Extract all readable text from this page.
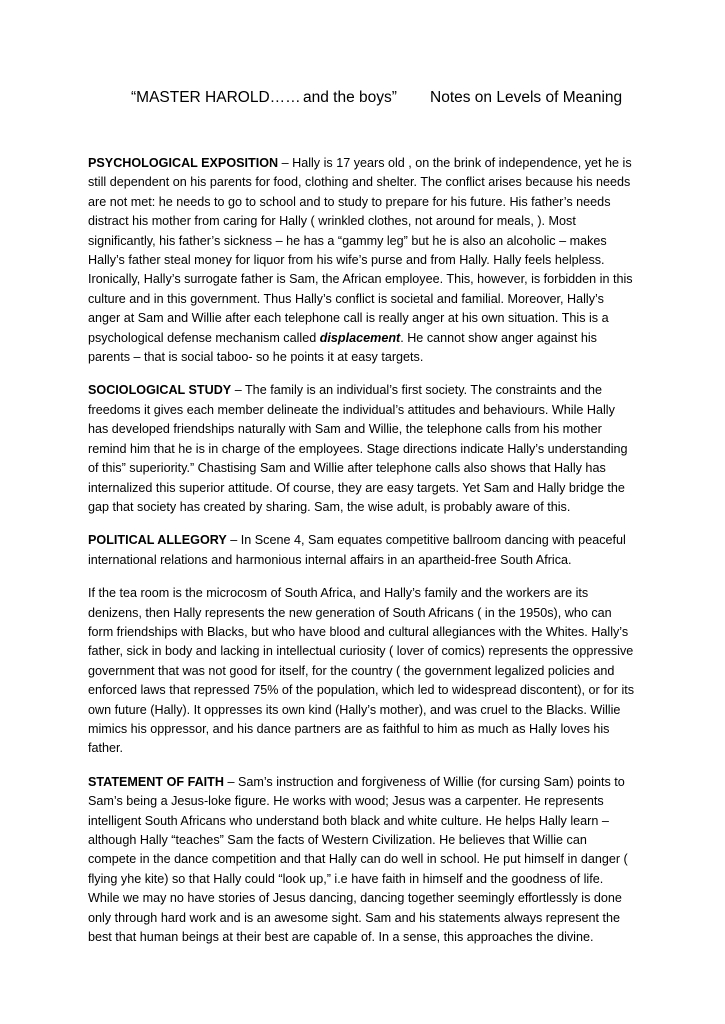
“MASTER HAROLD…… and the boys” Notes on Levels of Meaning

PSYCHOLOGICAL EXPOSITION – Hally is 17 years old , on the brink of independence, yet he is still dependent on his parents for food, clothing and shelter. The conflict arises because his needs are not met: he needs to go to school and to study to prepare for his future. His father’s needs distract his mother from caring for Hally ( wrinkled clothes, not around for meals, ). Most significantly, his father’s sickness – he has a “gammy leg” but he is also an alcoholic – makes Hally’s father steal money for liquor from his wife’s purse and from Hally. Hally feels helpless. Ironically, Hally’s surrogate father is Sam, the African employee. This, however, is forbidden in this culture and in this government. Thus Hally’s conflict is societal and familial. Moreover, Hally’s anger at Sam and Willie after each telephone call is really anger at his own situation. This is a psychological defense mechanism called displacement. He cannot show anger against his parents – that is social taboo- so he points it at easy targets.

SOCIOLOGICAL STUDY – The family is an individual’s first society. The constraints and the freedoms it gives each member delineate the individual’s attitudes and behaviours. While Hally has developed friendships naturally with Sam and Willie, the telephone calls from his mother remind him that he is in charge of the employees. Stage directions indicate Hally’s understanding of this” superiority.” Chastising Sam and Willie after telephone calls also shows that Hally has internalized this superior attitude. Of course, they are easy targets. Yet Sam and Hally bridge the gap that society has created by sharing. Sam, the wise adult, is probably aware of this.

POLITICAL ALLEGORY – In Scene 4, Sam equates competitive ballroom dancing with peaceful international relations and harmonious internal affairs in an apartheid-free South Africa.

If the tea room is the microcosm of South Africa, and Hally’s family and the workers are its denizens, then Hally represents the new generation of South Africans ( in the 1950s), who can form friendships with Blacks, but who have blood and cultural allegiances with the Whites. Hally’s father, sick in body and lacking in intellectual curiosity ( lover of comics) represents the oppressive government that was not good for itself, for the country ( the government legalized policies and enforced laws that repressed 75% of the population, which led to widespread discontent), or for its own future (Hally). It oppresses its own kind (Hally’s mother), and was cruel to the Blacks. Willie mimics his oppressor, and his dance partners are as faithful to him as much as Hally loves his father.

STATEMENT OF FAITH – Sam’s instruction and forgiveness of Willie (for cursing Sam) points to Sam’s being a Jesus-loke figure. He works with wood; Jesus was a carpenter. He represents intelligent South Africans who understand both black and white culture. He helps Hally learn – although Hally “teaches” Sam the facts of Western Civilization. He believes that Willie can compete in the dance competition and that Hally can do well in school. He put himself in danger ( flying yhe kite) so that Hally could “look up,” i.e have faith in himself and the goodness of life. While we may no have stories of Jesus dancing, dancing together seemingly effortlessly is done only through hard work and is an awesome sight. Sam and his statements always represent the best that human beings at their best are capable of. In a sense, this approaches the divine.
